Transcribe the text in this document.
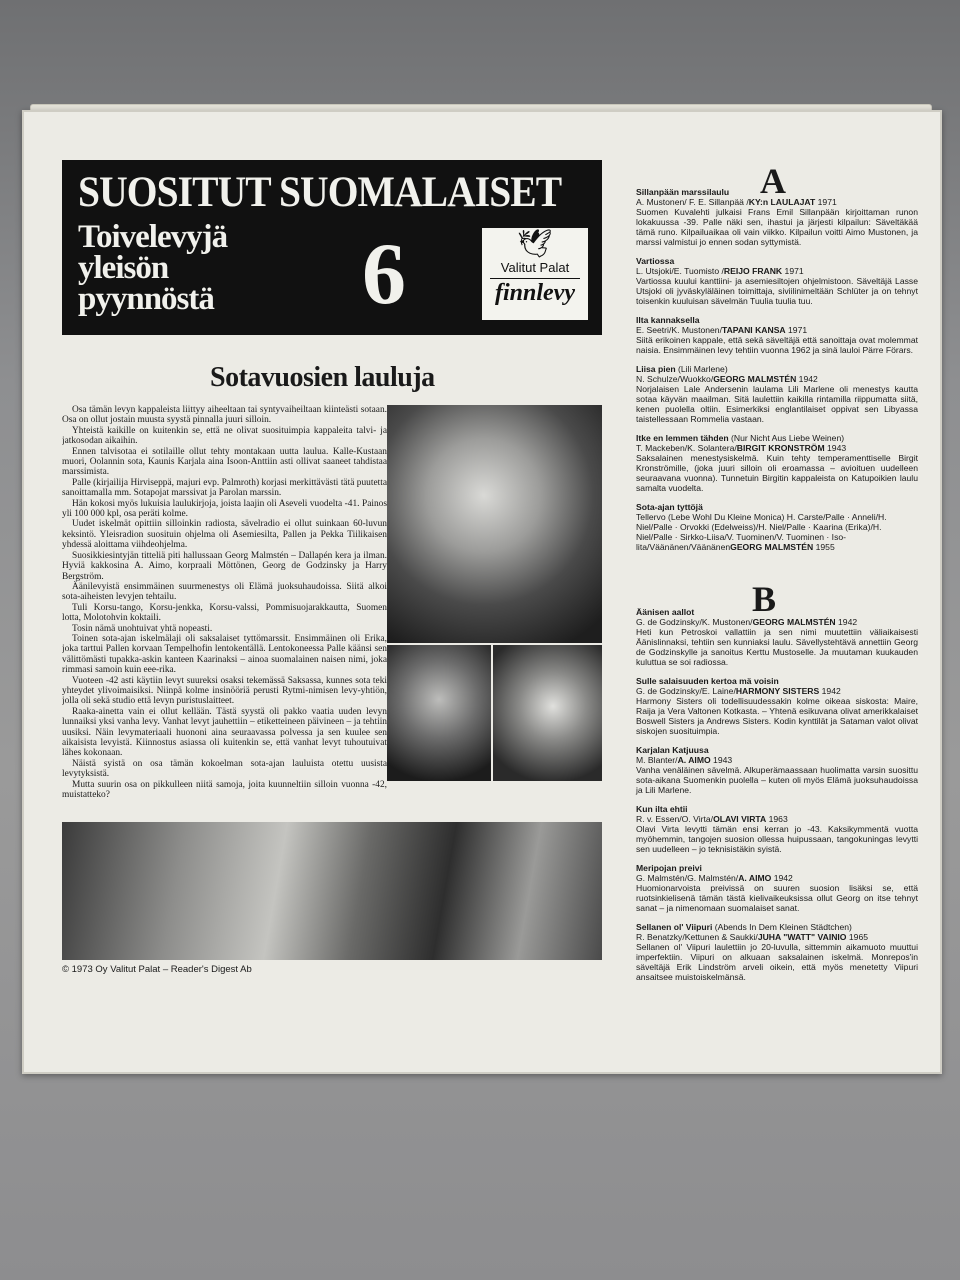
SUOSITUT SUOMALAISET
Toivelevyjä
yleisön
pyynnöstä 6	🕊
Valitut Palat
finnlevy
Sotavuosien lauluja

Osa tämän levyn kappaleista liittyy aiheeltaan tai syntyvaiheiltaan kiinteästi sotaan. Osa on ollut jostain muusta syystä pinnalla juuri silloin.

Yhteistä kaikille on kuitenkin se, että ne olivat suosituimpia kappaleita talvi- ja jatkosodan aikaihin.

Ennen talvisotaa ei sotilaille ollut tehty montakaan uutta laulua. Kalle-Kustaan muori, Oolannin sota, Kaunis Karjala aina Isoon-Anttiin asti ollivat saaneet tahdistaa marssimista.

Palle (kirjailija Hirviseppä, majuri evp. Palmroth) korjasi merkittävästi tätä puutetta sanoittamalla mm. Sotapojat marssivat ja Parolan marssin.

Hän kokosi myös lukuisia laulukirjoja, joista laajin oli Aseveli vuodelta -41. Painos yli 100 000 kpl, osa peräti kolme.

Uudet iskelmät opittiin silloinkin radiosta, sävelradio ei ollut suinkaan 60-luvun keksintö. Yleisradion suosituin ohjelma oli Asemiesilta, Pallen ja Pekka Tiilikaisen yhdessä aloittama viihdeohjelma.

Suosikkiesintyjän titteliä piti hallussaan Georg Malmstén – Dallapén kera ja ilman. Hyviä kakkosina A. Aimo, korpraali Möttönen, Georg de Godzinsky ja Harry Bergström.

Äänilevyistä ensimmäinen suurmenestys oli Elämä juoksuhaudoissa. Siitä alkoi sota-aiheisten levyjen tehtailu.

Tuli Korsu-tango, Korsu-jenkka, Korsu-valssi, Pommisuojarakkautta, Suomen lotta, Molotohvin koktaili.

Tosin nämä unohtuivat yhtä nopeasti.

Toinen sota-ajan iskelmälaji oli saksalaiset tyttömarssit. Ensimmäinen oli Erika, joka tarttui Pallen korvaan Tempelhofin lentokentällä. Lentokoneessa Palle käänsi sen välittömästi tupakka-askin kanteen Kaarinaksi – ainoa suomalainen naisen nimi, joka rimmasi samoin kuin eee-rika.

Vuoteen -42 asti käytiin levyt suureksi osaksi tekemässä Saksassa, kunnes sota teki yhteydet ylivoimaisiksi. Niinpä kolme insinööriä perusti Rytmi-nimisen levy-yhtiön, jolla oli sekä studio että levyn puristuslaitteet.

Raaka-ainetta vain ei ollut kellään. Tästä syystä oli pakko vaatia uuden levyn lunnaiksi yksi vanha levy. Vanhat levyt jauhettiin – etiketteineen päivineen – ja tehtiin uusiksi. Näin levymateriaali huononi aina seuraavassa polvessa ja sen kuulee sen aikaisista levyistä. Kiinnostus asiassa oli kuitenkin se, että vanhat levyt tuhoutuivat lähes kokonaan.

Näistä syistä on osa tämän kokoelman sota-ajan lauluista otettu uusista levytyksistä.

Mutta suurin osa on pikkulleen niitä samoja, joita kuunneltiin silloin vuonna -42, muistatteko?

© 1973 Oy Valitut Palat – Reader's Digest Ab
A
Sillanpään marssilaulu
A. Mustonen/ F. E. Sillanpää /KY:n LAULAJAT 1971
Suomen Kuvalehti julkaisi Frans Emil Sillanpään kirjoittaman runon lokakuussa -39. Palle näki sen, ihastui ja järjesti kilpailun: Säveltäkää tämä runo. Kilpailuaikaa oli vain viikko. Kilpailun voitti Aimo Mustonen, ja marssi valmistui jo ennen sodan syttymistä.
Vartiossa
L. Utsjoki/E. Tuomisto /REIJO FRANK 1971
Vartiossa kuului kanttiini- ja asemiesiltojen ohjelmistoon. Säveltäjä Lasse Utsjoki oli jyväskyläläinen toimittaja, siviilinimeltään Schlüter ja on tehnyt toisenkin kuuluisan sävelmän Tuulia tuulia tuu.
Ilta kannaksella
E. Seetri/K. Mustonen/TAPANI KANSA 1971
Siitä erikoinen kappale, että sekä säveltäjä että sanoittaja ovat molemmat naisia. Ensimmäinen levy tehtiin vuonna 1962 ja sinä lauloi Pärre Förars.
Liisa pien (Lili Marlene)
N. Schulze/Wuokko/GEORG MALMSTÉN 1942
Norjalaisen Lale Andersenin laulama Lili Marlene oli menestys kautta sotaa käyvän maailman. Sitä laulettiin kaikilla rintamilla riippumatta siitä, kenen puolella oltiin. Esimerkiksi englantilaiset oppivat sen Libyassa taistellessaan Rommelia vastaan.
Itke en lemmen tähden (Nur Nicht Aus Liebe Weinen)
T. Mackeben/K. Solantera/BIRGIT KRONSTRÖM 1943
Saksalainen menestysiskelmä. Kuin tehty temperamenttiselle Birgit Kronströmille, (joka juuri silloin oli eroamassa – avioituen uudelleen seuraavana vuonna). Tunnetuin Birgitin kappaleista on Katupoikien laulu samalta vuodelta.
Sota-ajan tyttöjä
Tellervo (Lebe Wohl Du Kleine Monica) H. Carste/Palle · Anneli/H. Niel/Palle · Orvokki (Edelweiss)/H. Niel/Palle · Kaarina (Erika)/H. Niel/Palle · Sirkko-Liisa/V. Tuominen/V. Tuominen · Iso-lita/Väänänen/VäänänenGEORG MALMSTÉN 1955
B
Äänisen aallot
G. de Godzinsky/K. Mustonen/GEORG MALMSTÉN 1942
Heti kun Petroskoi vallattiin ja sen nimi muutettiin väliaikaisesti Äänislinnaksi, tehtiin sen kunniaksi laulu. Sävellystehtävä annettiin Georg de Godzinskylle ja sanoitus Kerttu Mustoselle. Ja muutaman kuukauden kuluttua se soi radiossa.
Sulle salaisuuden kertoa mä voisin
G. de Godzinsky/E. Laine/HARMONY SISTERS 1942
Harmony Sisters oli todellisuudessakin kolme oikeaa siskosta: Maire, Raija ja Vera Valtonen Kotkasta. – Yhtenä esikuvana olivat amerikkalaiset Boswell Sisters ja Andrews Sisters. Kodin kynttilät ja Sataman valot olivat siskojen suosituimpia.
Karjalan Katjuusa
M. Blanter/A. AIMO 1943
Vanha venäläinen sävelmä. Alkuperämaassaan huolimatta varsin suosittu sota-aikana Suomenkin puolella – kuten oli myös Elämä juoksuhaudoissa ja Lili Marlene.
Kun ilta ehtii
R. v. Essen/O. Virta/OLAVI VIRTA 1963
Olavi Virta levytti tämän ensi kerran jo -43. Kaksikymmentä vuotta myöhemmin, tangojen suosion ollessa huipussaan, tangokuningas levytti sen uudelleen – jo teknisistäkin syistä.
Meripojan preivi
G. Malmstén/G. Malmstén/A. AIMO 1942
Huomionarvoista preivissä on suuren suosion lisäksi se, että ruotsinkielisenä tämän tästä kielivaikeuksissa ollut Georg on itse tehnyt sanat – ja nimenomaan suomalaiset sanat.
Sellanen ol' Viipuri (Abends In Dem Kleinen Städtchen)
R. Benatzky/Kettunen & Saukki/JUHA "WATT" VAINIO 1965
Sellanen ol' Viipuri laulettiin jo 20-luvulla, sittemmin aikamuoto muuttui imperfektiin. Viipuri on alkuaan saksalainen iskelmä. Monrepos'in säveltäjä Erik Lindström arveli oikein, että myös menetetty Viipuri ansaitsee muistoiskelmänsä.
